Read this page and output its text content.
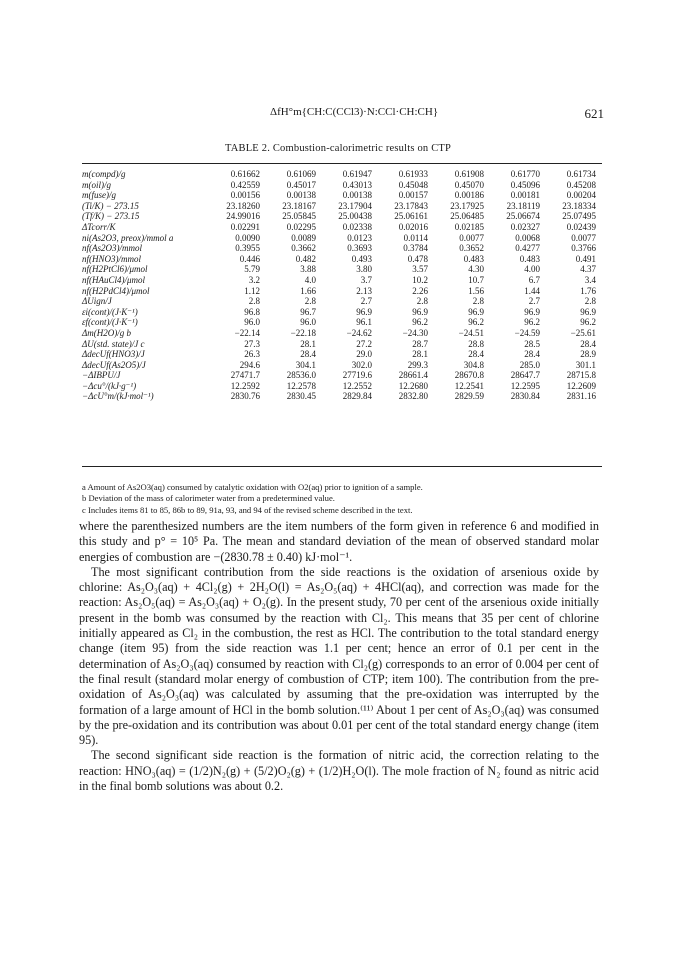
ΔfH°m{CH:C(CCl3)·N:CCl·CH:CH}	621
TABLE 2. Combustion-calorimetric results on CTP
m(compd)/g	0.61662	0.61069	0.61947	0.61933	0.61908	0.61770	0.61734
m(oil)/g	0.42559	0.45017	0.43013	0.45048	0.45070	0.45096	0.45208
m(fuse)/g	0.00156	0.00138	0.00138	0.00157	0.00186	0.00181	0.00204
(Ti/K) − 273.15	23.18260	23.18167	23.17904	23.17843	23.17925	23.18119	23.18334
(Tf/K) − 273.15	24.99016	25.05845	25.00438	25.06161	25.06485	25.06674	25.07495
ΔTcorr/K	0.02291	0.02295	0.02338	0.02016	0.02185	0.02327	0.02439
ni(As2O3, preox)/mmol a	0.0090	0.0089	0.0123	0.0114	0.0077	0.0068	0.0077
nf(As2O3)/mmol	0.3955	0.3662	0.3693	0.3784	0.3652	0.4277	0.3766
nf(HNO3)/mmol	0.446	0.482	0.493	0.478	0.483	0.483	0.491
nf(H2PtCl6)/μmol	5.79	3.88	3.80	3.57	4.30	4.00	4.37
nf(HAuCl4)/μmol	3.2	4.0	3.7	10.2	10.7	6.7	3.4
nf(H2PdCl4)/μmol	1.12	1.66	2.13	2.26	1.56	1.44	1.76
ΔUign/J	2.8	2.8	2.7	2.8	2.8	2.7	2.8
εi(cont)/(J·K⁻¹)	96.8	96.7	96.9	96.9	96.9	96.9	96.9
εf(cont)/(J·K⁻¹)	96.0	96.0	96.1	96.2	96.2	96.2	96.2
Δm(H2O)/g b	−22.14	−22.18	−24.62	−24.30	−24.51	−24.59	−25.61
ΔU(std. state)/J c	27.3	28.1	27.2	28.7	28.8	28.5	28.4
ΔdecUf(HNO3)/J	26.3	28.4	29.0	28.1	28.4	28.4	28.9
ΔdecUf(As2O5)/J	294.6	304.1	302.0	299.3	304.8	285.0	301.1
−ΔIBPU/J	27471.7	28536.0	27719.6	28661.4	28670.8	28647.7	28715.8
−Δcu°/(kJ·g⁻¹)	12.2592	12.2578	12.2552	12.2680	12.2541	12.2595	12.2609
−ΔcU°m/(kJ·mol⁻¹)	2830.76	2830.45	2829.84	2832.80	2829.59	2830.84	2831.16
a Amount of As2O3(aq) consumed by catalytic oxidation with O2(aq) prior to ignition of a sample.
b Deviation of the mass of calorimeter water from a predetermined value.
c Includes items 81 to 85, 86b to 89, 91a, 93, and 94 of the revised scheme described in the text.

where the parenthesized numbers are the item numbers of the form given in reference 6 and modified in this study and p° = 10⁵ Pa. The mean and standard deviation of the mean of observed standard molar energies of combustion are −(2830.78 ± 0.40) kJ·mol⁻¹.

The most significant contribution from the side reactions is the oxidation of arsenious oxide by chlorine: As₂O₃(aq) + 4Cl₂(g) + 2H₂O(l) = As₂O₅(aq) + 4HCl(aq), and correction was made for the reaction: As₂O₅(aq) = As₂O₃(aq) + O₂(g). In the present study, 70 per cent of the arsenious oxide initially present in the bomb was consumed by the reaction with Cl₂. This means that 35 per cent of chlorine initially appeared as Cl₂ in the combustion, the rest as HCl. The contribution to the total standard energy change (item 95) from the side reaction was 1.1 per cent; hence an error of 0.1 per cent in the determination of As₂O₃(aq) consumed by reaction with Cl₂(g) corresponds to an error of 0.004 per cent of the final result (standard molar energy of combustion of CTP; item 100). The contribution from the pre-oxidation of As₂O₃(aq) was calculated by assuming that the pre-oxidation was interrupted by the formation of a large amount of HCl in the bomb solution.⁽¹¹⁾ About 1 per cent of As₂O₃(aq) was consumed by the pre-oxidation and its contribution was about 0.01 per cent of the total standard energy change (item 95).

The second significant side reaction is the formation of nitric acid, the correction relating to the reaction: HNO₃(aq) = (1/2)N₂(g) + (5/2)O₂(g) + (1/2)H₂O(l). The mole fraction of N₂ found as nitric acid in the final bomb solutions was about 0.2.
